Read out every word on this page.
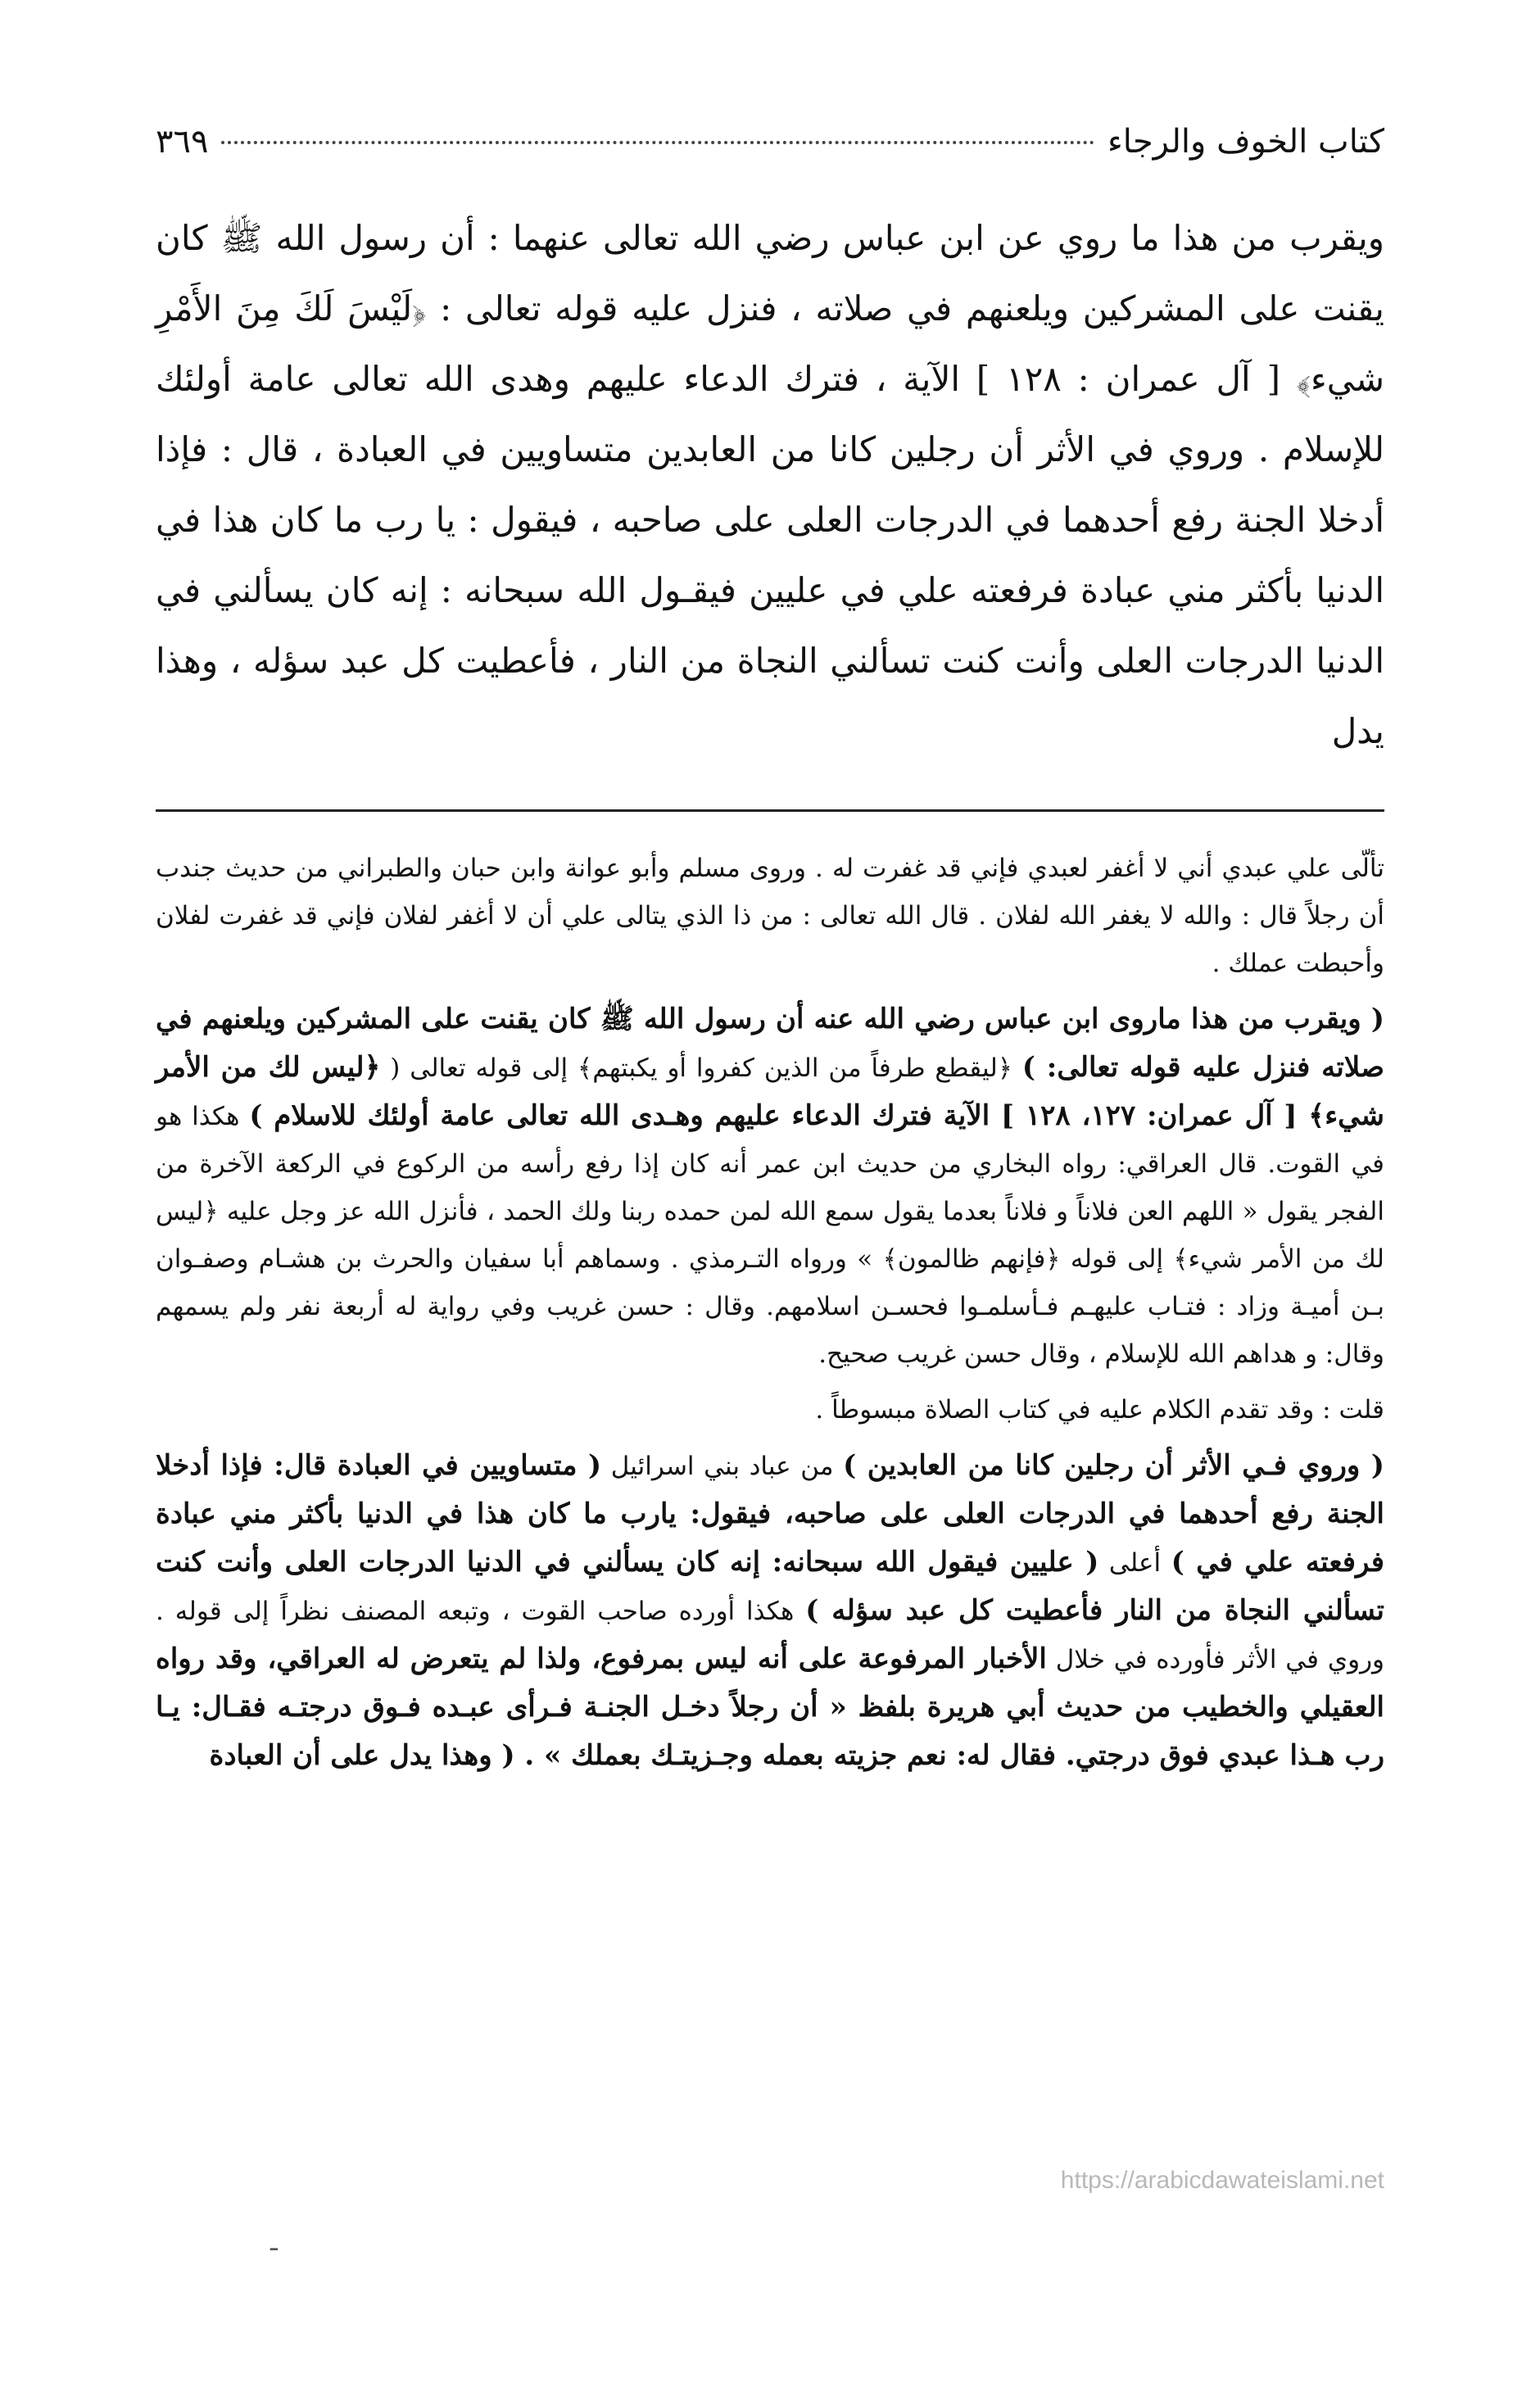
كتاب الخوف والرجاء
٣٦٩

ويقرب من هذا ما روي عن ابن عباس رضي الله تعالى عنهما : أن رسول الله ﷺ كان يقنت على المشركين ويلعنهم في صلاته ، فنزل عليه قوله تعالى : ﴿لَيْسَ لَكَ مِنَ الأَمْرِ شيء﴾ [ آل عمران : ١٢٨ ] الآية ، فترك الدعاء عليهم وهدى الله تعالى عامة أولئك للإسلام . وروي في الأثر أن رجلين كانا من العابدين متساويين في العبادة ، قال : فإذا أدخلا الجنة رفع أحدهما في الدرجات العلى على صاحبه ، فيقول : يا رب ما كان هذا في الدنيا بأكثر مني عبادة فرفعته علي في عليين فيقـول الله سبحانه : إنه كان يسألني في الدنيا الدرجات العلى وأنت كنت تسألني النجاة من النار ، فأعطيت كل عبد سؤله ، وهذا يدل

تألّى علي عبدي أني لا أغفر لعبدي فإني قد غفرت له . وروى مسلم وأبو عوانة وابن حبان والطبراني من حديث جندب أن رجلاً قال : والله لا يغفر الله لفلان . قال الله تعالى : من ذا الذي يتالى علي أن لا أغفر لفلان فإني قد غفرت لفلان وأحبطت عملك .

( ويقرب من هذا ماروى ابن عباس رضي الله عنه أن رسول الله ﷺ كان يقنت على المشركين ويلعنهم في صلاته فنزل عليه قوله تعالى: ) ﴿ليقطع طرفاً من الذين كفروا أو يكبتهم﴾ إلى قوله تعالى ( ﴿ليس لك من الأمر شيء﴾ [ آل عمران: ١٢٧، ١٢٨ ] الآية فترك الدعاء عليهم وهـدى الله تعالى عامة أولئك للاسلام ) هكذا هو في القوت. قال العراقي: رواه البخاري من حديث ابن عمر أنه كان إذا رفع رأسه من الركوع في الركعة الآخرة من الفجر يقول « اللهم العن فلاناً و فلاناً بعدما يقول سمع الله لمن حمده ربنا ولك الحمد ، فأنزل الله عز وجل عليه ﴿ليس لك من الأمر شيء﴾ إلى قوله ﴿فإنهم ظالمون﴾ » ورواه التـرمذي . وسماهم أبا سفيان والحرث بن هشـام وصفـوان بـن أميـة وزاد : فتـاب عليهـم فـأسلمـوا فحسـن اسلامهم. وقال : حسن غريب وفي رواية له أربعة نفر ولم يسمهم وقال: و هداهم الله للإسلام ، وقال حسن غريب صحيح.

قلت : وقد تقدم الكلام عليه في كتاب الصلاة مبسوطاً .

( وروي فـي الأثر أن رجلين كانا من العابدين ) من عباد بني اسرائيل ( متساويين في العبادة قال: فإذا أدخلا الجنة رفع أحدهما في الدرجات العلى على صاحبه، فيقول: يارب ما كان هذا في الدنيا بأكثر مني عبادة فرفعته علي في ) أعلى ( عليين فيقول الله سبحانه: إنه كان يسألني في الدنيا الدرجات العلى وأنت كنت تسألني النجاة من النار فأعطيت كل عبد سؤله ) هكذا أورده صاحب القوت ، وتبعه المصنف نظراً إلى قوله . وروي في الأثر فأورده في خلال الأخبار المرفوعة على أنه ليس بمرفوع، ولذا لم يتعرض له العراقي، وقد رواه العقيلي والخطيب من حديث أبي هريرة بلفظ « أن رجلاً دخـل الجنـة فـرأى عبـده فـوق درجتـه فقـال: يـا رب هـذا عبدي فوق درجتي. فقال له: نعم جزيته بعمله وجـزيتـك بعملك » . ( وهذا يدل على أن العبادة

https://arabicdawateislami.net
ـ
